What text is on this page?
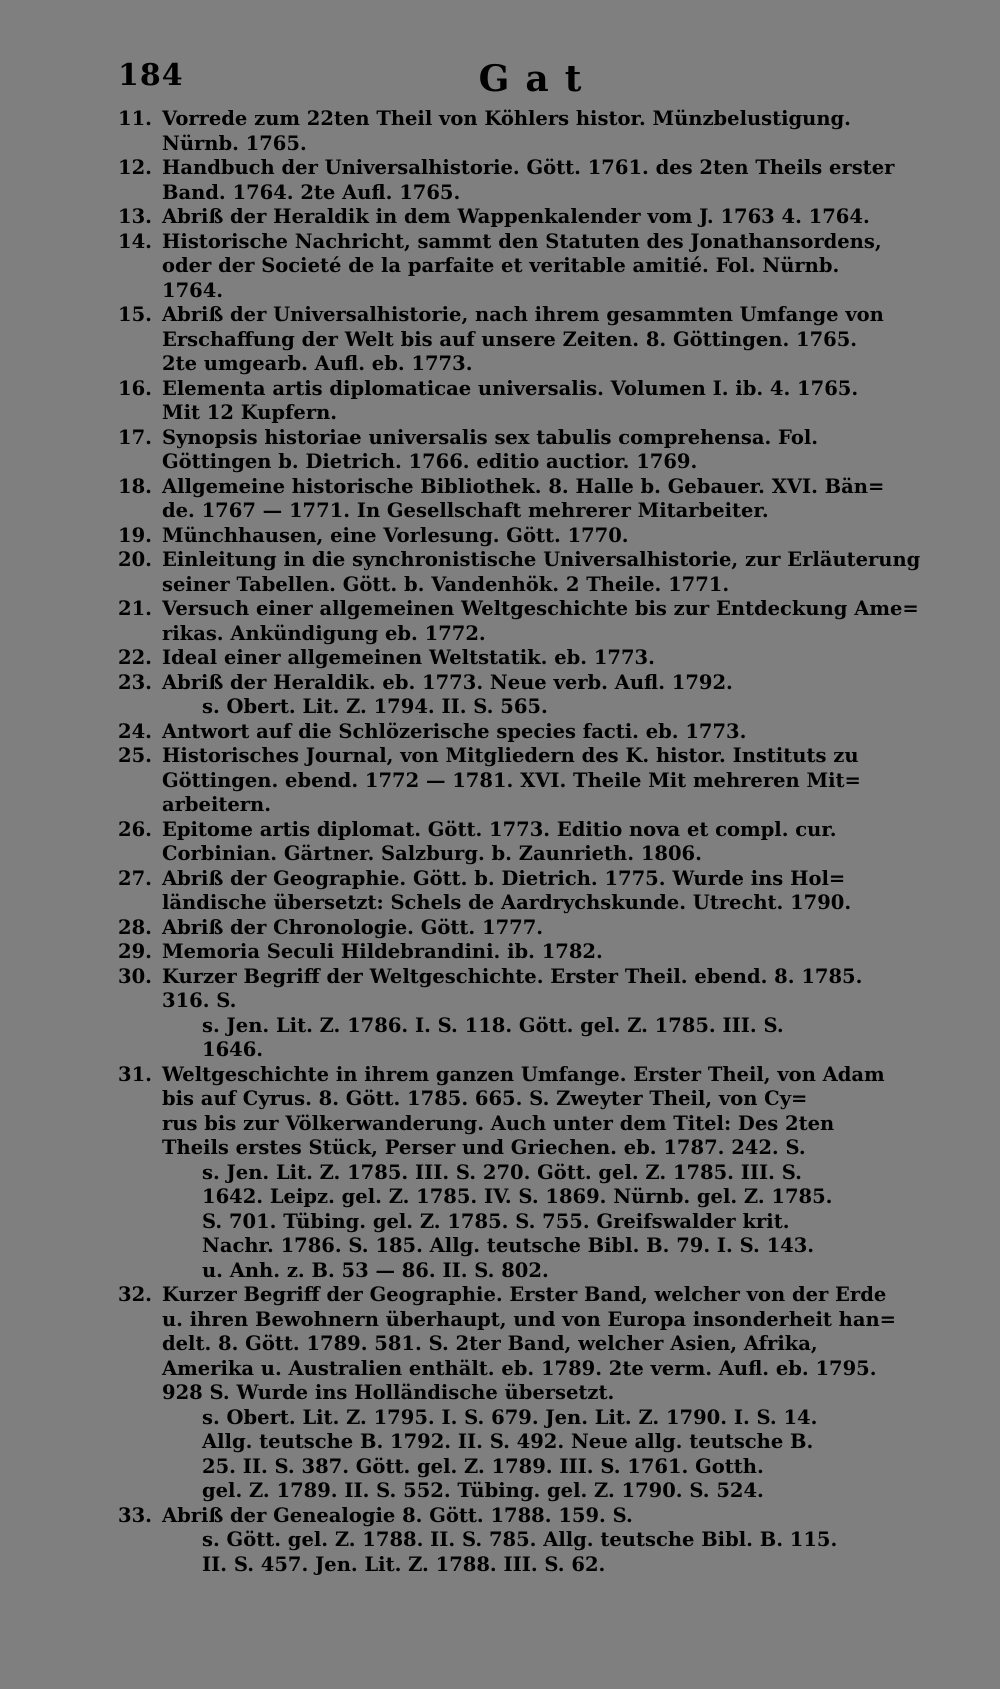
184	Gat
11. Vorrede zum 22ten Theil von Köhlers histor. Münzbelustigung.
Nürnb. 1765.
12. Handbuch der Universalhistorie. Gött. 1761. des 2ten Theils erster
Band. 1764. 2te Aufl. 1765.
13. Abriß der Heraldik in dem Wappenkalender vom J. 1763 4. 1764.
14. Historische Nachricht, sammt den Statuten des Jonathansordens,
oder der Societé de la parfaite et veritable amitié. Fol. Nürnb.
1764.
15. Abriß der Universalhistorie, nach ihrem gesammten Umfange von
Erschaffung der Welt bis auf unsere Zeiten. 8. Göttingen. 1765.
2te umgearb. Aufl. eb. 1773.
16. Elementa artis diplomaticae universalis. Volumen I. ib. 4. 1765.
Mit 12 Kupfern.
17. Synopsis historiae universalis sex tabulis comprehensa. Fol.
Göttingen b. Dietrich. 1766. editio auctior. 1769.
18. Allgemeine historische Bibliothek. 8. Halle b. Gebauer. XVI. Bän=
de. 1767 — 1771. In Gesellschaft mehrerer Mitarbeiter.
19. Münchhausen, eine Vorlesung. Gött. 1770.
20. Einleitung in die synchronistische Universalhistorie, zur Erläuterung
seiner Tabellen. Gött. b. Vandenhök. 2 Theile. 1771.
21. Versuch einer allgemeinen Weltgeschichte bis zur Entdeckung Ame=
rikas. Ankündigung eb. 1772.
22. Ideal einer allgemeinen Weltstatik. eb. 1773.
23. Abriß der Heraldik. eb. 1773. Neue verb. Aufl. 1792.
s. Obert. Lit. Z. 1794. II. S. 565.
24. Antwort auf die Schlözerische species facti. eb. 1773.
25. Historisches Journal, von Mitgliedern des K. histor. Instituts zu
Göttingen. ebend. 1772 — 1781. XVI. Theile Mit mehreren Mit=
arbeitern.
26. Epitome artis diplomat. Gött. 1773. Editio nova et compl. cur.
Corbinian. Gärtner. Salzburg. b. Zaunrieth. 1806.
27. Abriß der Geographie. Gött. b. Dietrich. 1775. Wurde ins Hol=
ländische übersetzt: Schels de Aardrychskunde. Utrecht. 1790.
28. Abriß der Chronologie. Gött. 1777.
29. Memoria Seculi Hildebrandini. ib. 1782.
30. Kurzer Begriff der Weltgeschichte. Erster Theil. ebend. 8. 1785.
316. S.
s. Jen. Lit. Z. 1786. I. S. 118. Gött. gel. Z. 1785. III. S.
1646.
31. Weltgeschichte in ihrem ganzen Umfange. Erster Theil, von Adam
bis auf Cyrus. 8. Gött. 1785. 665. S. Zweyter Theil, von Cy=
rus bis zur Völkerwanderung. Auch unter dem Titel: Des 2ten
Theils erstes Stück, Perser und Griechen. eb. 1787. 242. S.
s. Jen. Lit. Z. 1785. III. S. 270. Gött. gel. Z. 1785. III. S.
1642. Leipz. gel. Z. 1785. IV. S. 1869. Nürnb. gel. Z. 1785.
S. 701. Tübing. gel. Z. 1785. S. 755. Greifswalder krit.
Nachr. 1786. S. 185. Allg. teutsche Bibl. B. 79. I. S. 143.
u. Anh. z. B. 53 — 86. II. S. 802.
32. Kurzer Begriff der Geographie. Erster Band, welcher von der Erde
u. ihren Bewohnern überhaupt, und von Europa insonderheit han=
delt. 8. Gött. 1789. 581. S. 2ter Band, welcher Asien, Afrika,
Amerika u. Australien enthält. eb. 1789. 2te verm. Aufl. eb. 1795.
928 S. Wurde ins Holländische übersetzt.
s. Obert. Lit. Z. 1795. I. S. 679. Jen. Lit. Z. 1790. I. S. 14.
Allg. teutsche B. 1792. II. S. 492. Neue allg. teutsche B.
25. II. S. 387. Gött. gel. Z. 1789. III. S. 1761. Gotth.
gel. Z. 1789. II. S. 552. Tübing. gel. Z. 1790. S. 524.
33. Abriß der Genealogie 8. Gött. 1788. 159. S.
s. Gött. gel. Z. 1788. II. S. 785. Allg. teutsche Bibl. B. 115.
II. S. 457. Jen. Lit. Z. 1788. III. S. 62.
